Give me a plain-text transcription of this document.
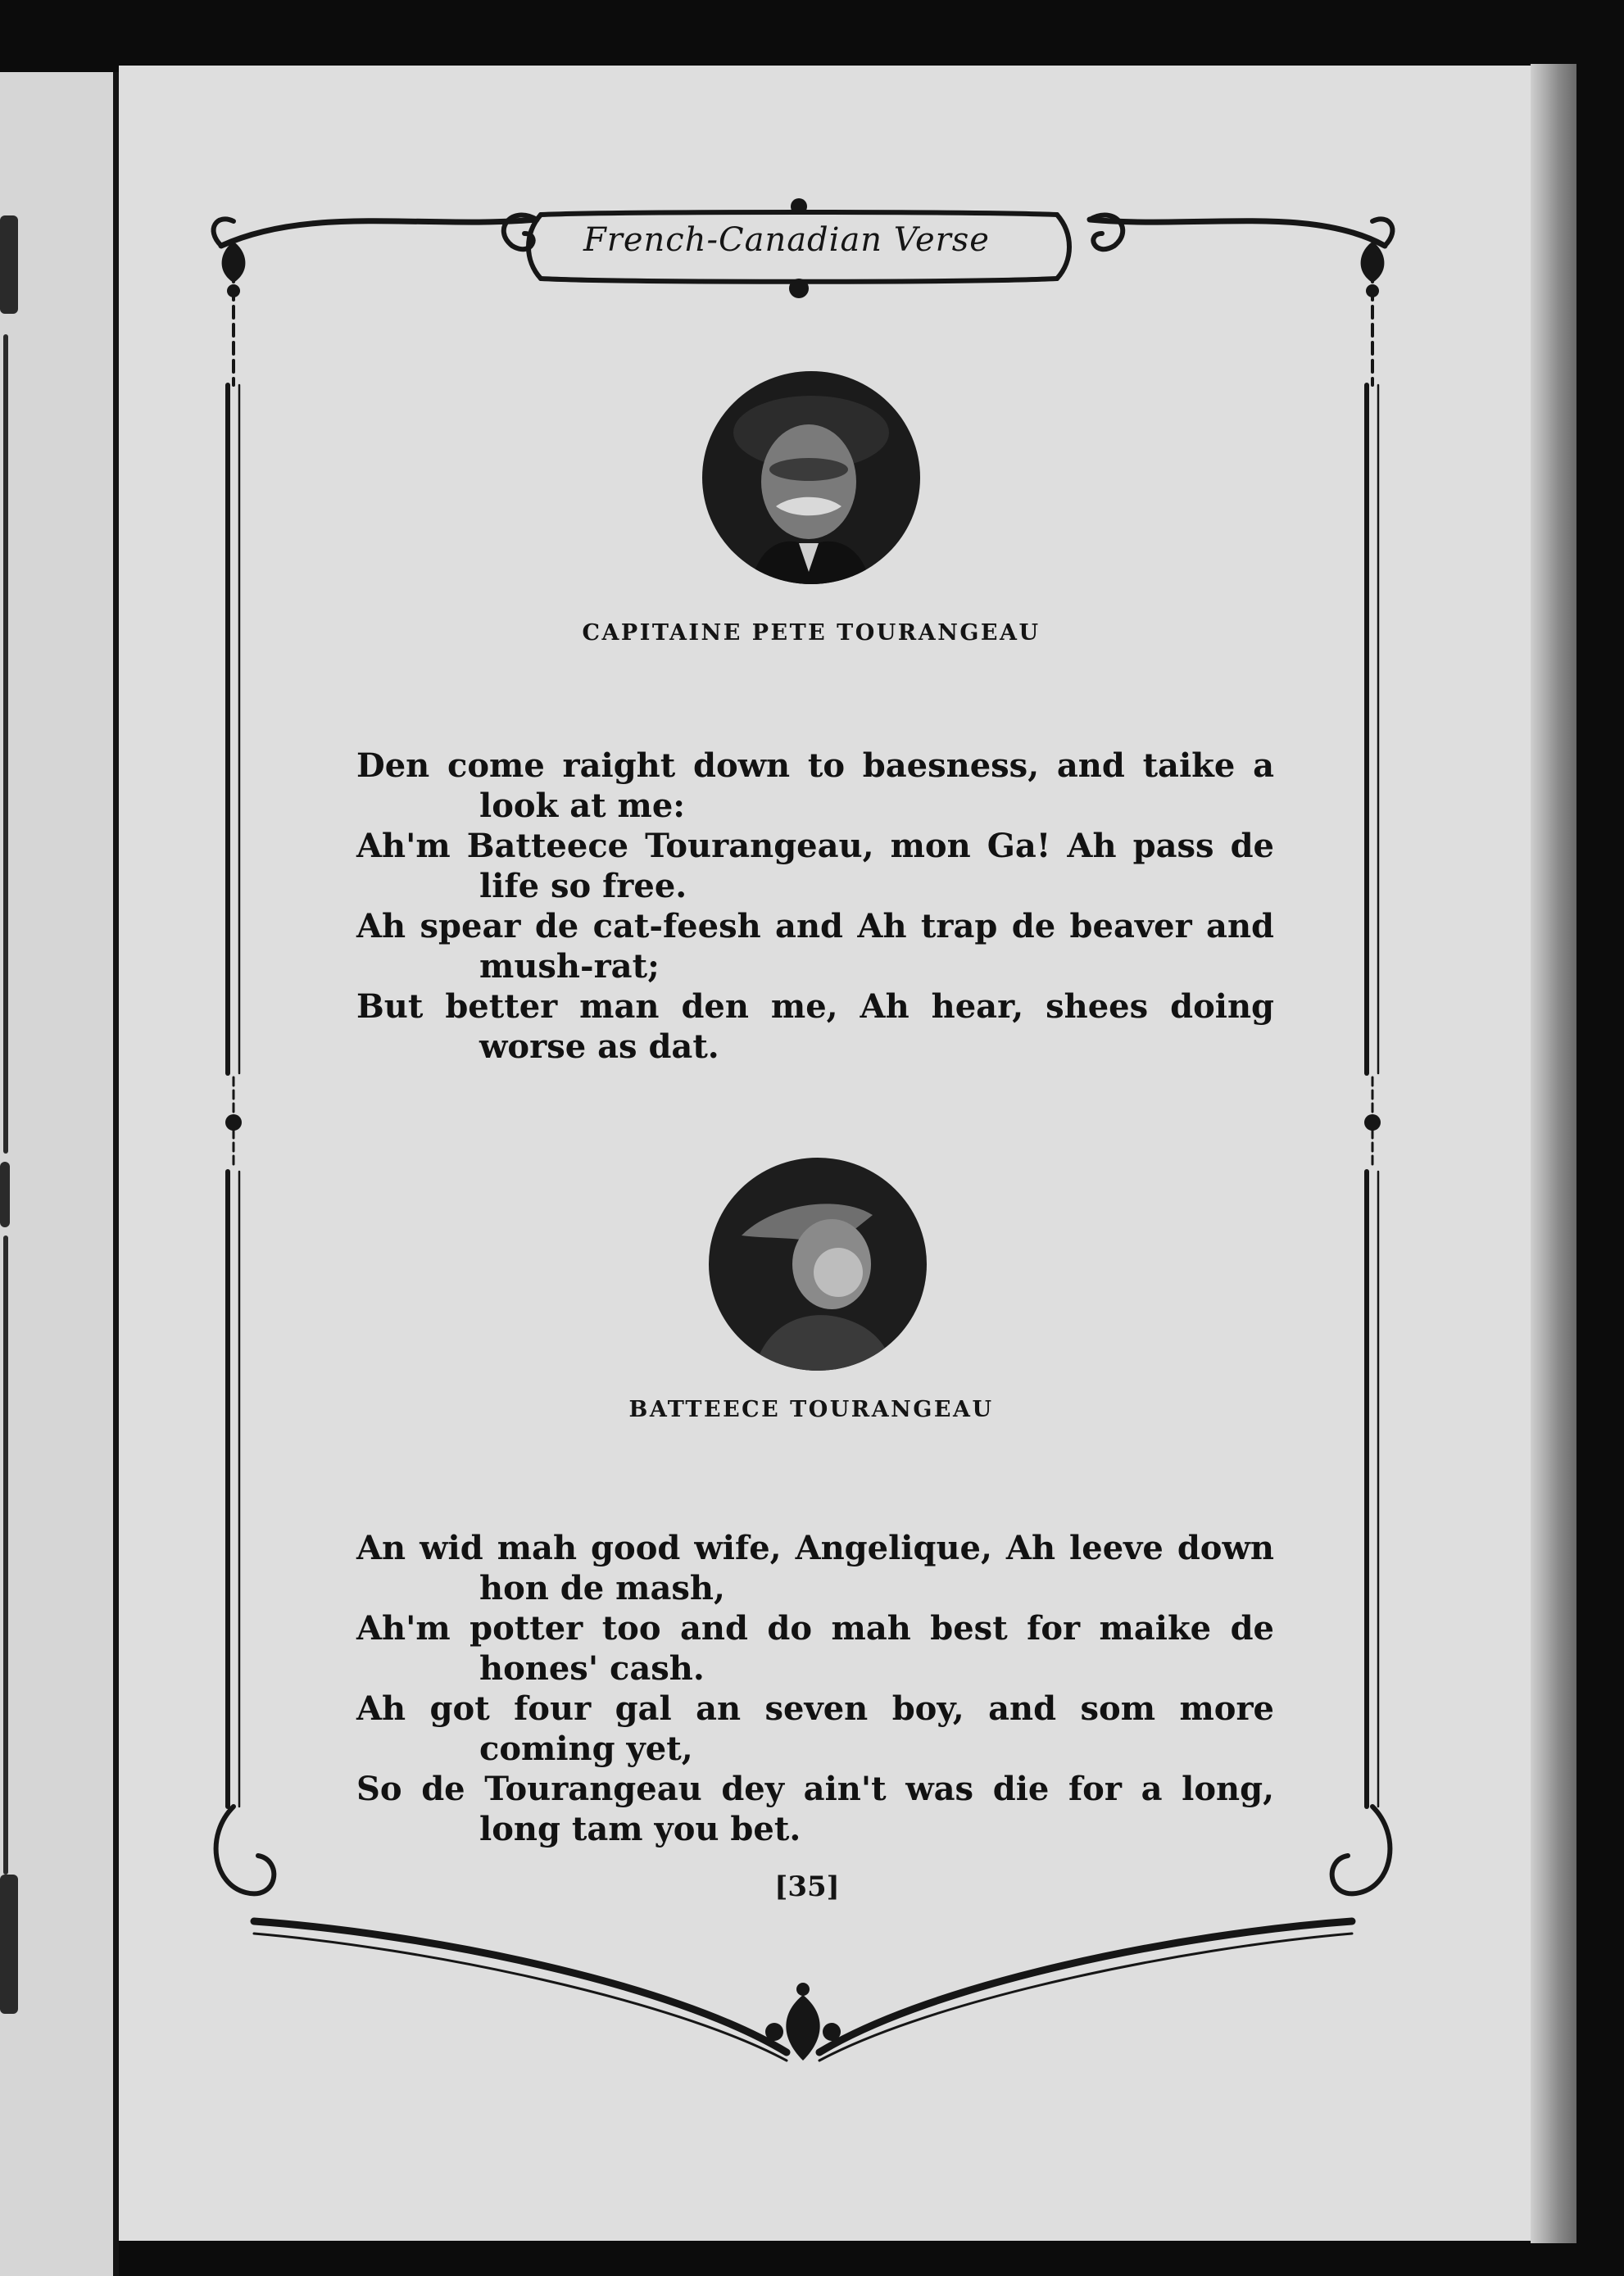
French-Canadian Verse
CAPITAINE PETE TOURANGEAU

Den come raight down to baesness, and taike a look at me:

Ah'm Batteece Tourangeau, mon Ga! Ah pass de life so free.

Ah spear de cat-feesh and Ah trap de beaver and mush-rat;

But better man den me, Ah hear, shees doing worse as dat.

BATTEECE TOURANGEAU

An wid mah good wife, Angelique, Ah leeve down hon de mash,

Ah'm potter too and do mah best for maike de hones' cash.

Ah got four gal an seven boy, and som more coming yet,

So de Tourangeau dey ain't was die for a long, long tam you bet.

[35]
